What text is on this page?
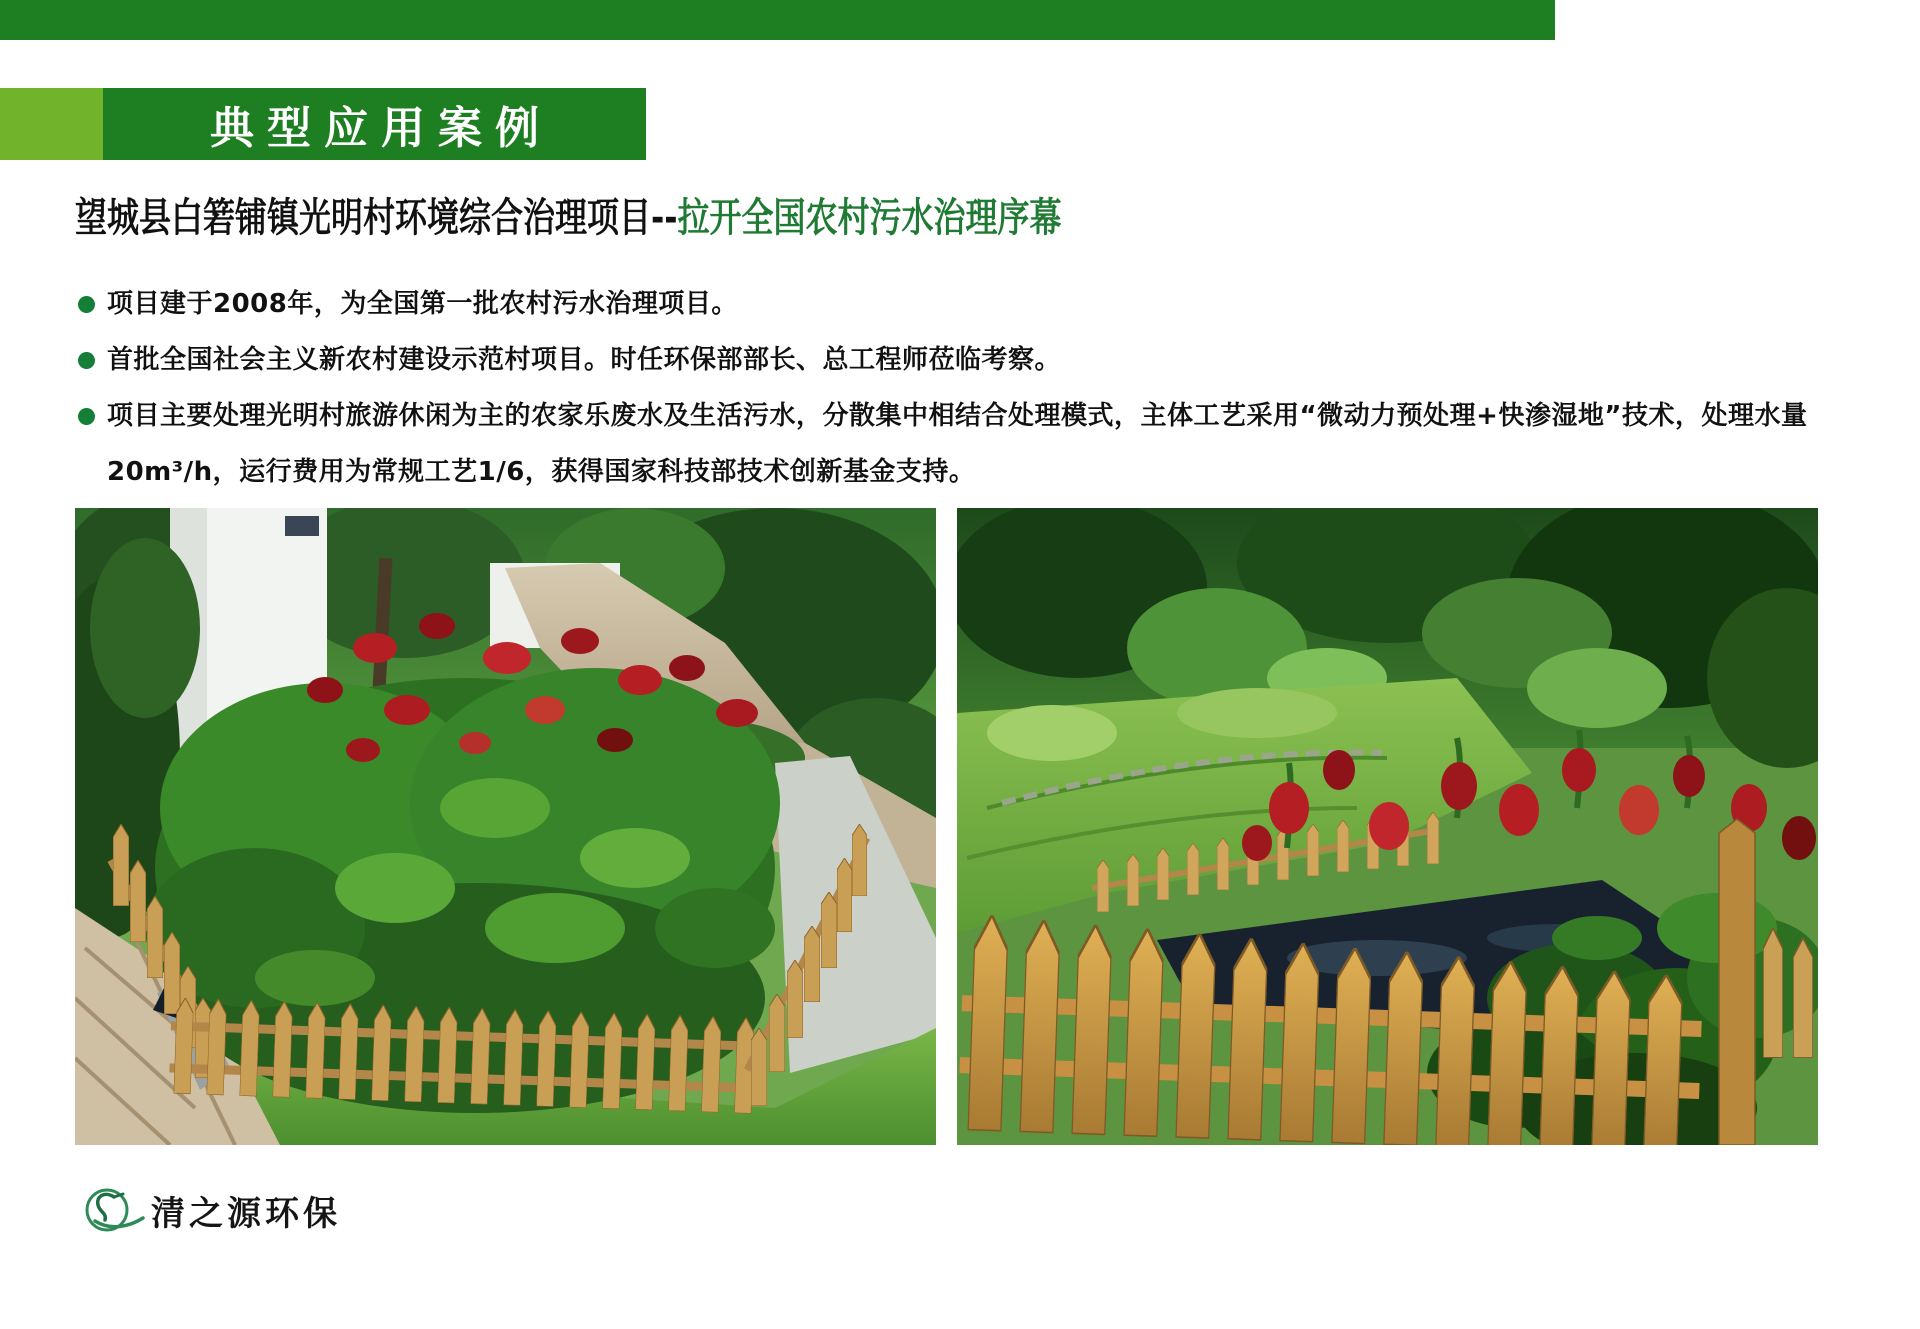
典型应用案例
望城县白箬铺镇光明村环境综合治理项目--拉开全国农村污水治理序幕
项目建于2008年，为全国第一批农村污水治理项目。
首批全国社会主义新农村建设示范村项目。时任环保部部长、总工程师莅临考察。
项目主要处理光明村旅游休闲为主的农家乐废水及生活污水，分散集中相结合处理模式，主体工艺采用“微动力预处理+快渗湿地”技术，处理水量20m³/h，运行费用为常规工艺1/6，获得国家科技部技术创新基金支持。
清之源环保
